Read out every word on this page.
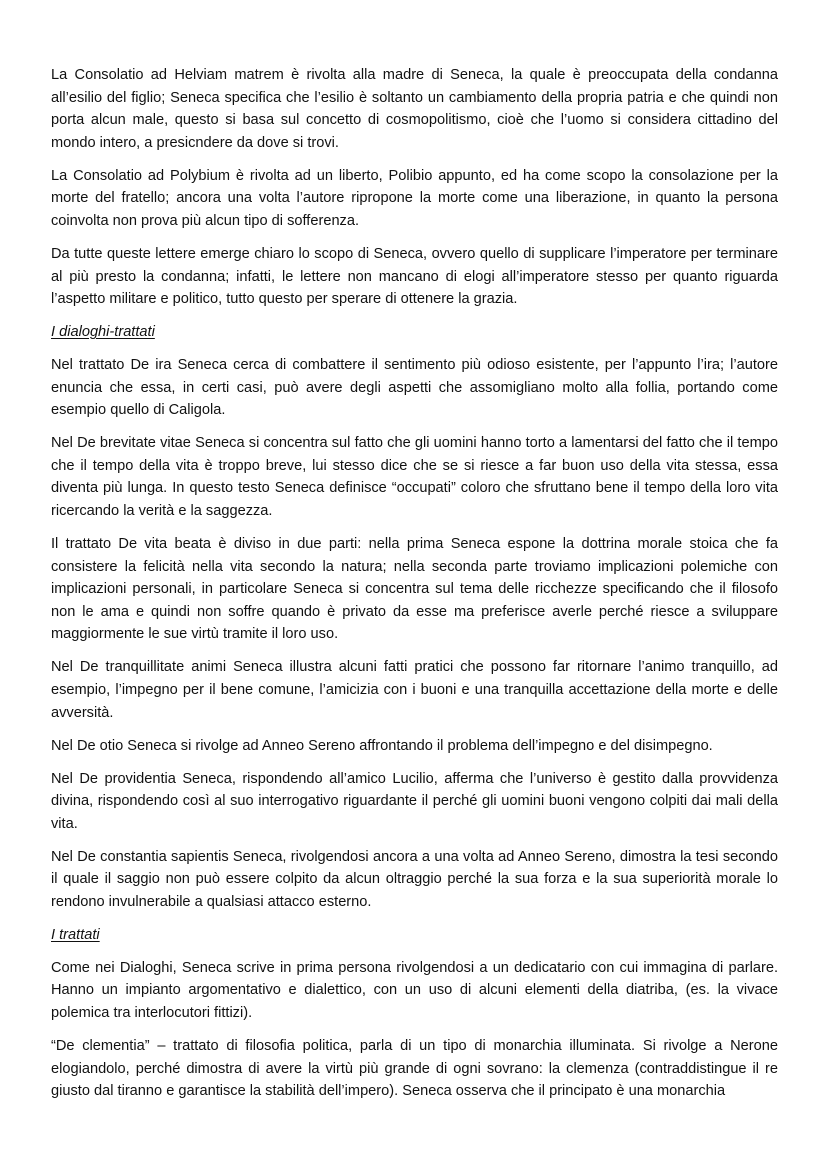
La Consolatio ad Helviam matrem è rivolta alla madre di Seneca, la quale è preoccupata della condanna all’esilio del figlio; Seneca specifica che l’esilio è soltanto un cambiamento della propria patria e che quindi non porta alcun male, questo si basa sul concetto di cosmopolitismo, cioè che l’uomo si considera cittadino del mondo intero, a presicndere da dove si trovi.

La Consolatio ad Polybium è rivolta ad un liberto, Polibio appunto, ed ha come scopo la consolazione per la morte del fratello; ancora una volta l’autore ripropone la morte come una liberazione, in quanto la persona coinvolta non prova più alcun tipo di sofferenza.

Da tutte queste lettere emerge chiaro lo scopo di Seneca, ovvero quello di supplicare l’imperatore per terminare al più presto la condanna; infatti, le lettere non mancano di elogi all’imperatore stesso per quanto riguarda l’aspetto militare e politico, tutto questo per sperare di ottenere la grazia.

I dialoghi-trattati

Nel trattato De ira Seneca cerca di combattere il sentimento più odioso esistente, per l’appunto l’ira; l’autore enuncia che essa, in certi casi, può avere degli aspetti che assomigliano molto alla follia, portando come esempio quello di Caligola.

Nel De brevitate vitae Seneca si concentra sul fatto che gli uomini hanno torto a lamentarsi del fatto che il tempo che il tempo della vita è troppo breve, lui stesso dice che se si riesce a far buon uso della vita stessa, essa diventa più lunga. In questo testo Seneca definisce “occupati” coloro che sfruttano bene il tempo della loro vita ricercando la verità e la saggezza.

Il trattato De vita beata è diviso in due parti: nella prima Seneca espone la dottrina morale stoica che fa consistere la felicità nella vita secondo la natura; nella seconda parte troviamo implicazioni polemiche con implicazioni personali, in particolare Seneca si concentra sul tema delle ricchezze specificando che il filosofo non le ama e quindi non soffre quando è privato da esse ma preferisce averle perché riesce a sviluppare maggiormente le sue virtù tramite il loro uso.

Nel De tranquillitate animi Seneca illustra alcuni fatti pratici che possono far ritornare l’animo tranquillo, ad esempio, l’impegno per il bene comune, l’amicizia con i buoni e una tranquilla accettazione della morte e delle avversità.

Nel De otio Seneca si rivolge ad Anneo Sereno affrontando il problema dell’impegno e del disimpegno.

Nel De providentia Seneca, rispondendo all’amico Lucilio, afferma che l’universo è gestito dalla provvidenza divina, rispondendo così al suo interrogativo riguardante il perché gli uomini buoni vengono colpiti dai mali della vita.

Nel De constantia sapientis Seneca, rivolgendosi ancora a una volta ad Anneo Sereno, dimostra la tesi secondo il quale il saggio non può essere colpito da alcun oltraggio perché la sua forza e la sua superiorità morale lo rendono invulnerabile a qualsiasi attacco esterno.

I trattati

Come nei Dialoghi, Seneca scrive in prima persona rivolgendosi a un dedicatario con cui immagina di parlare. Hanno un impianto argomentativo e dialettico, con un uso di alcuni elementi della diatriba, (es. la vivace polemica tra interlocutori fittizi).

“De clementia” – trattato di filosofia politica, parla di un tipo di monarchia illuminata. Si rivolge a Nerone elogiandolo, perché dimostra di avere la virtù più grande di ogni sovrano: la clemenza (contraddistingue il re giusto dal tiranno e garantisce la stabilità dell’impero). Seneca osserva che il principato è una monarchia
